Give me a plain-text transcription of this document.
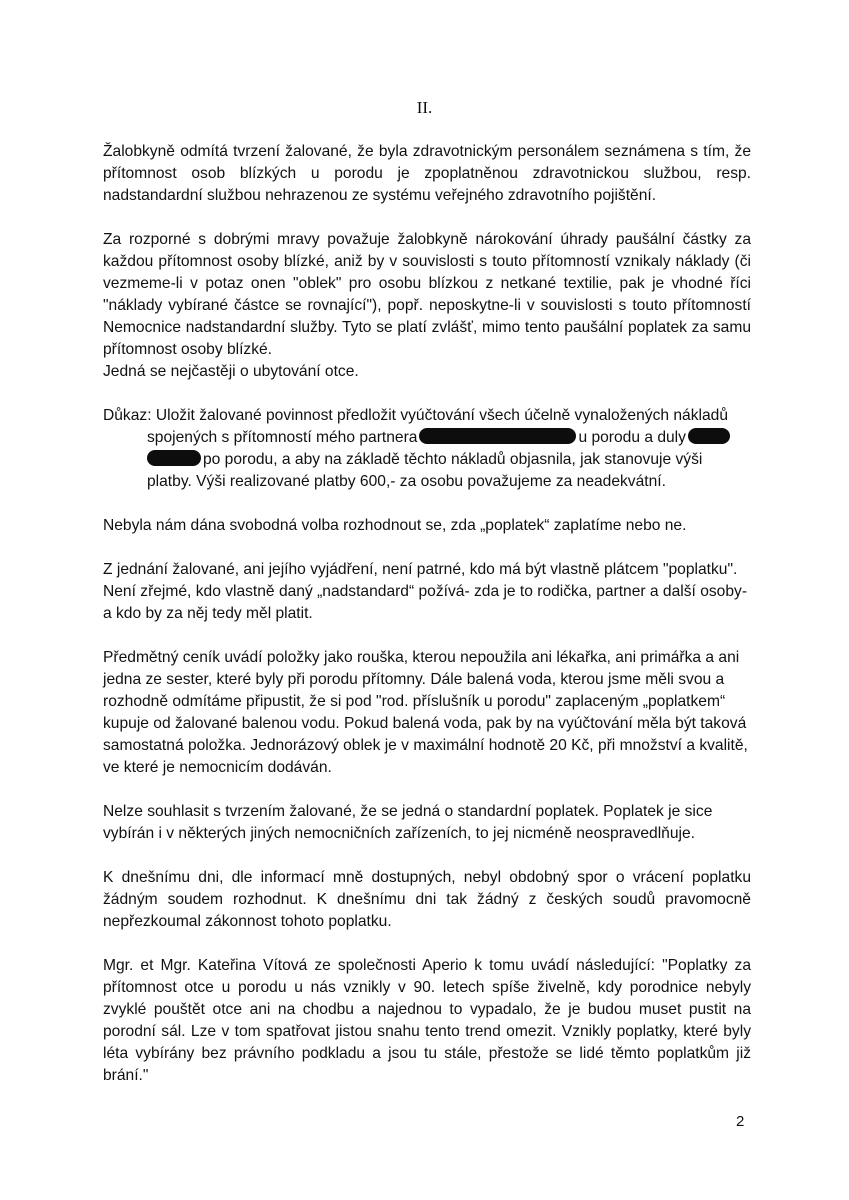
II.

Žalobkyně odmítá tvrzení žalované, že byla zdravotnickým personálem seznámena s tím, že přítomnost osob blízkých u porodu je zpoplatněnou zdravotnickou službou, resp. nadstandardní službou nehrazenou ze systému veřejného zdravotního pojištění.

Za rozporné s dobrými mravy považuje žalobkyně nárokování úhrady paušální částky za každou přítomnost osoby blízké, aniž by v souvislosti s touto přítomností vznikaly náklady (či vezmeme-li v potaz onen "oblek" pro osobu blízkou z netkané textilie, pak je vhodné říci "náklady vybírané částce se rovnající"), popř. neposkytne-li v souvislosti s touto přítomností Nemocnice nadstandardní služby. Tyto se platí zvlášť, mimo tento paušální poplatek za samu přítomnost osoby blízké.

Jedná se nejčastěji o ubytování otce.

Důkaz: Uložit žalované povinnost předložit vyúčtování všech účelně vynaložených nákladů
spojených s přítomností mého partnera	u porodu a duly
po porodu, a aby na základě těchto nákladů objasnila, jak stanovuje výši platby. Výši realizované platby 600,- za osobu považujeme za neadekvátní.

Nebyla nám dána svobodná volba rozhodnout se, zda „poplatek“ zaplatíme nebo ne.

Z jednání žalované, ani jejího vyjádření, není patrné, kdo má být vlastně plátcem "poplatku". Není zřejmé, kdo vlastně daný „nadstandard“ požívá- zda je to rodička, partner a další osoby- a kdo by za něj tedy měl platit.

Předmětný ceník uvádí položky jako rouška, kterou nepoužila ani lékařka, ani primářka a ani jedna ze sester, které byly při porodu přítomny. Dále balená voda, kterou jsme měli svou a rozhodně odmítáme připustit, že si pod "rod. příslušník u porodu" zaplaceným „poplatkem“ kupuje od žalované balenou vodu. Pokud balená voda, pak by na vyúčtování měla být taková samostatná položka. Jednorázový oblek je v maximální hodnotě 20 Kč, při množství a kvalitě, ve které je nemocnicím dodáván.

Nelze souhlasit s tvrzením žalované, že se jedná o standardní poplatek. Poplatek je sice vybírán i v některých jiných nemocničních zařízeních, to jej nicméně neospravedlňuje.

K dnešnímu dni, dle informací mně dostupných, nebyl obdobný spor o vrácení poplatku žádným soudem rozhodnut. K dnešnímu dni tak žádný z českých soudů pravomocně nepřezkoumal zákonnost tohoto poplatku.

Mgr. et Mgr. Kateřina Vítová ze společnosti Aperio k tomu uvádí následující: "Poplatky za přítomnost otce u porodu u nás vznikly v 90. letech spíše živelně, kdy porodnice nebyly zvyklé pouštět otce ani na chodbu a najednou to vypadalo, že je budou muset pustit na porodní sál. Lze v tom spatřovat jistou snahu tento trend omezit. Vznikly poplatky, které byly léta vybírány bez právního podkladu a jsou tu stále, přestože se lidé těmto poplatkům již brání."

2
